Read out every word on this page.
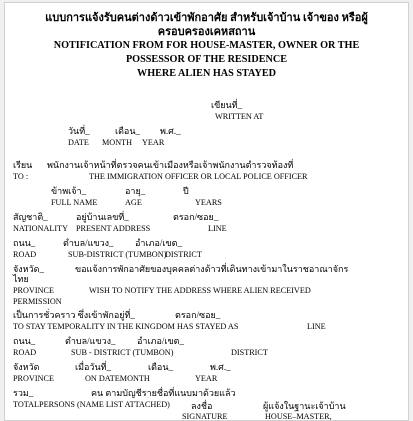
แบบการแจ้งรับคนต่างด้าวเข้าพักอาศัย สำหรับเจ้าบ้าน เจ้าของ หรือผู้
ครอบครองเคหสถาน
NOTIFICATION FROM FOR HOUSE-MASTER, OWNER OR THE
POSSESSOR OF THE RESIDENCE
WHERE ALIEN HAS STAYED
เขียนที่_
WRITTEN AT
วันที่_	เดือน_ พ.ศ._
DATE MONTH YEAR
เรียน พนักงานเจ้าหน้าที่ตรวจคนเข้าเมืองหรือเจ้าพนักงานตำรวจท้องที่
TO :	THE IMMIGRATION OFFICER OR LOCAL POLICE OFFICER
ข้าพเจ้า_	อายุ_	ปี
FULL NAME	AGE	YEARS
สัญชาติ_	อยู่บ้านเลขที่_	ตรอก/ซอย_
NATIONALITY PRESENT ADDRESS	LINE
ถนน_	ตำบล/แขวง_ อำเภอ/เขต_
ROAD	SUB-DISTRICT (TUMBON)
DISTRICT
จังหวัด_	ขอแจ้งการพักอาศัยของบุคคลต่างด้าวที่เดินทางเข้ามาในราชอาณาจักร
ไทย
PROVINCE	WISH TO NOTIFY THE ADDRESS WHERE ALIEN RECEIVED
PERMISSION
เป็นการชั่วคราว ซึ่งเข้าพักอยู่ที่_	ตรอก/ซอย_
TO STAY TEMPORALITY IN THE KINGDOM HAS STAYED AS	LINE
ถนน_	ตำบล/แขวง_ อำเภอ/เขต_
ROAD	SUB - DISTRICT (TUMBON)	DISTRICT
จังหวัด	เมื่อวันที่_	เดือน_	พ.ศ._
PROVINCE	ON DATEMONTH	YEAR
รวม_	คน ตามบัญชีรายชื่อที่แนบมาด้วยแล้ว
TOTALPERSONS (NAME LIST ATTACHED) ลงชื่อ	ผู้แจ้งในฐานะเจ้าบ้าน
SIGNATURE	HOUSE–MASTER,
